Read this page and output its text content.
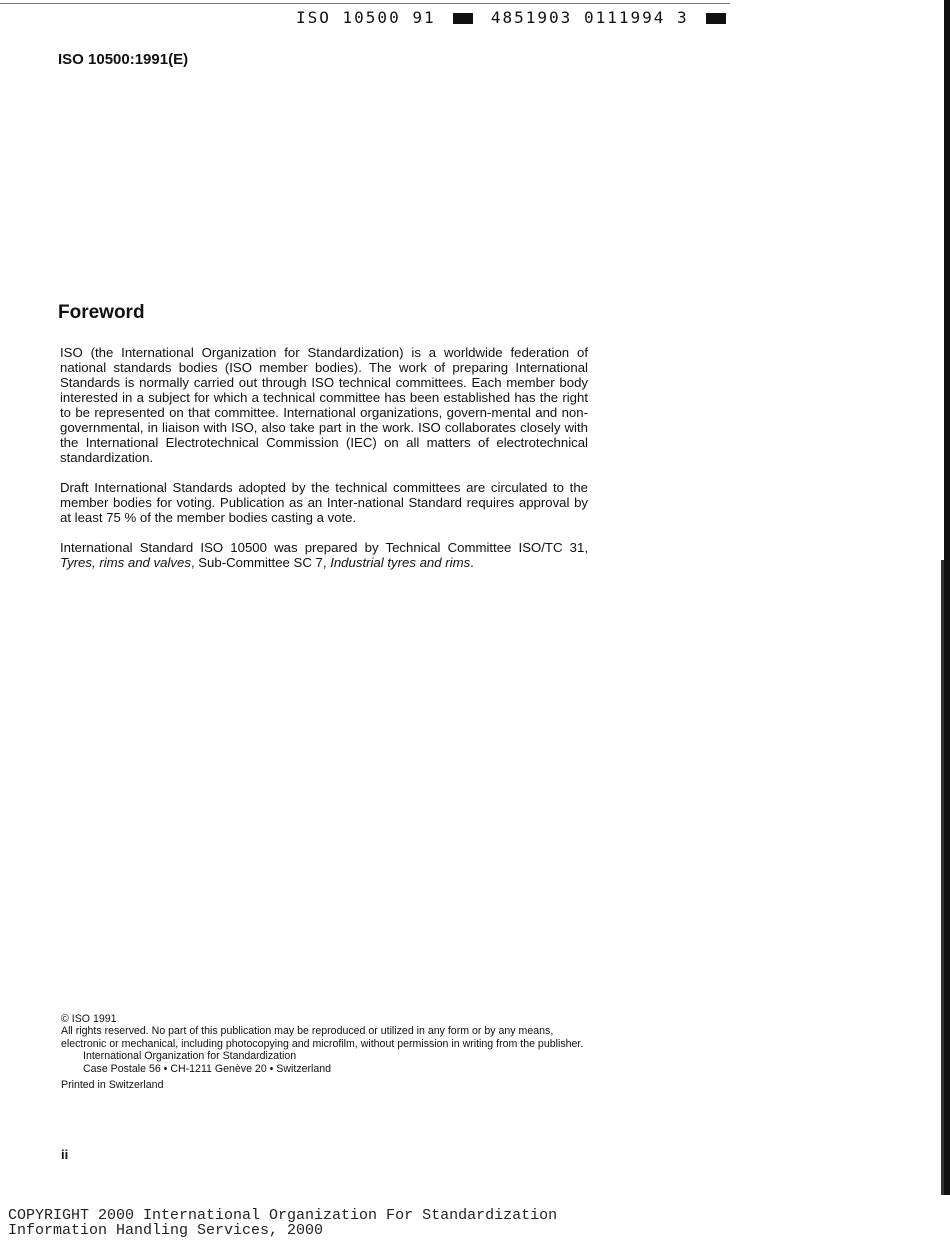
ISO 10500 91	4851903 0111994 3
ISO 10500:1991(E)
Foreword

ISO (the International Organization for Standardization) is a worldwide federation of national standards bodies (ISO member bodies). The work of preparing International Standards is normally carried out through ISO technical committees. Each member body interested in a subject for which a technical committee has been established has the right to be represented on that committee. International organizations, govern-mental and non-governmental, in liaison with ISO, also take part in the work. ISO collaborates closely with the International Electrotechnical Commission (IEC) on all matters of electrotechnical standardization.

Draft International Standards adopted by the technical committees are circulated to the member bodies for voting. Publication as an Inter-national Standard requires approval by at least 75 % of the member bodies casting a vote.

International Standard ISO 10500 was prepared by Technical Committee ISO/TC 31, Tyres, rims and valves, Sub-Committee SC 7, Industrial tyres and rims.

© ISO 1991
All rights reserved. No part of this publication may be reproduced or utilized in any form or by any means, electronic or mechanical, including photocopying and microfilm, without permission in writing from the publisher.
International Organization for Standardization
Case Postale 56 • CH-1211 Genève 20 • Switzerland
Printed in Switzerland
ii
COPYRIGHT 2000 International Organization For Standardization
Information Handling Services, 2000
